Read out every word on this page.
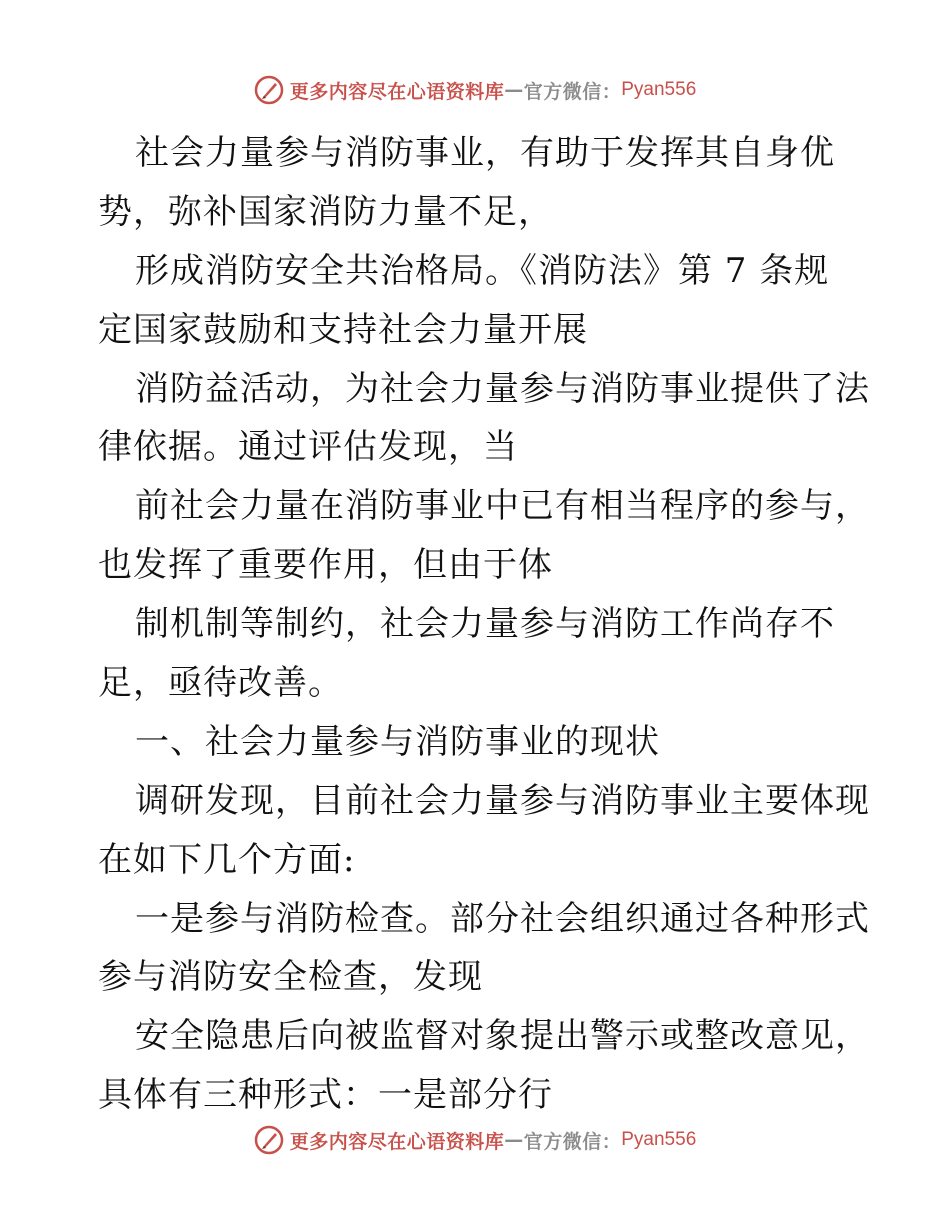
更多内容尽在心语资料库 — 官方微信： Pyan556
社会力量参与消防事业，有助于发挥其自身优
势，弥补国家消防力量不足，
形成消防安全共治格局。《消防法》第 7 条规
定国家鼓励和支持社会力量开展
消防益活动，为社会力量参与消防事业提供了法
律依据。通过评估发现，当
前社会力量在消防事业中已有相当程序的参与，
也发挥了重要作用，但由于体
制机制等制约，社会力量参与消防工作尚存不
足，亟待改善。
一、社会力量参与消防事业的现状
调研发现，目前社会力量参与消防事业主要体现
在如下几个方面:
一是参与消防检查。部分社会组织通过各种形式
参与消防安全检查，发现
安全隐患后向被监督对象提出警示或整改意见，
具体有三种形式：一是部分行
更多内容尽在心语资料库 — 官方微信： Pyan556
